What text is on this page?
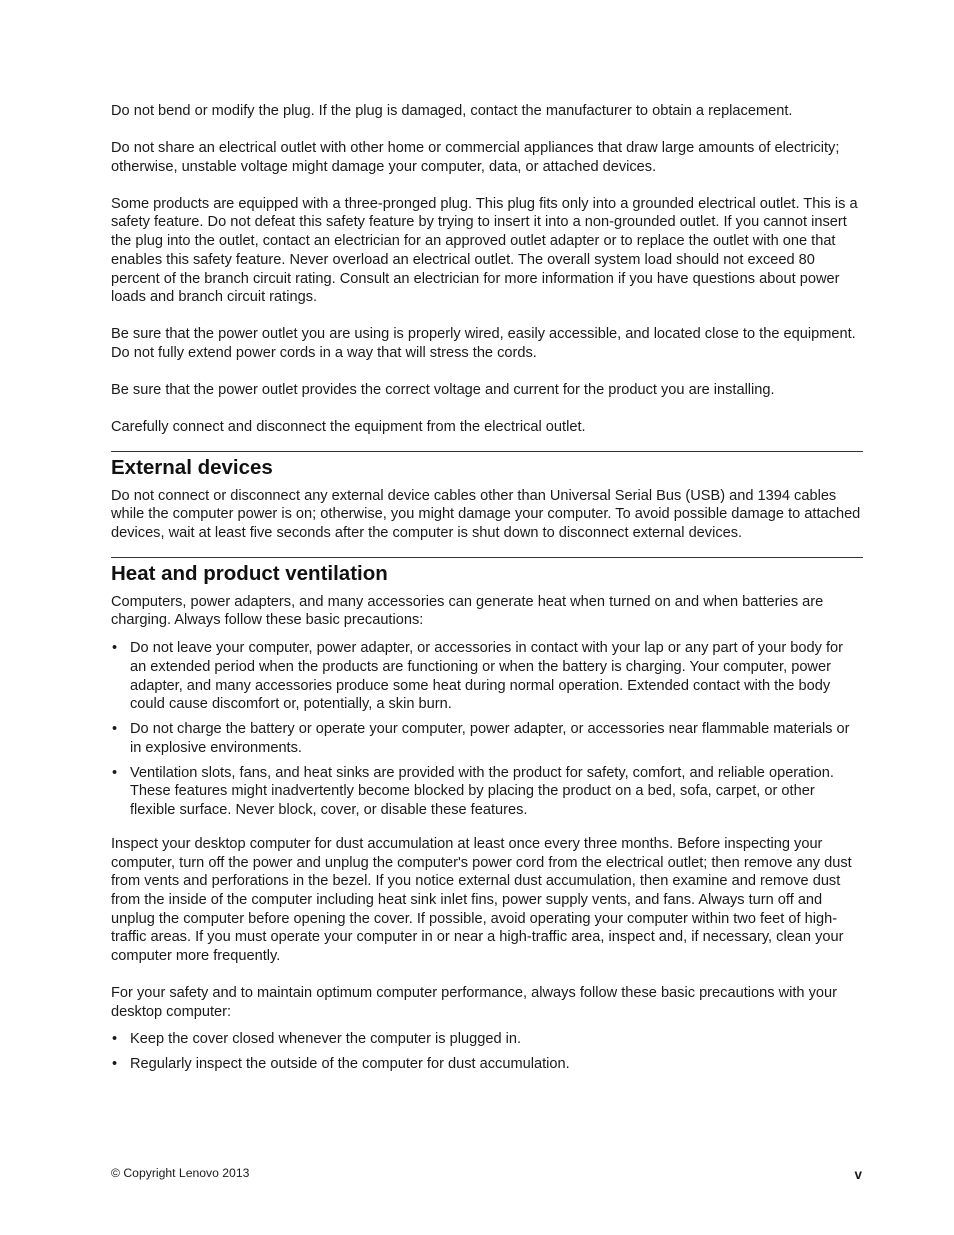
Do not bend or modify the plug. If the plug is damaged, contact the manufacturer to obtain a replacement.

Do not share an electrical outlet with other home or commercial appliances that draw large amounts of electricity; otherwise, unstable voltage might damage your computer, data, or attached devices.

Some products are equipped with a three-pronged plug. This plug fits only into a grounded electrical outlet. This is a safety feature. Do not defeat this safety feature by trying to insert it into a non-grounded outlet. If you cannot insert the plug into the outlet, contact an electrician for an approved outlet adapter or to replace the outlet with one that enables this safety feature. Never overload an electrical outlet. The overall system load should not exceed 80 percent of the branch circuit rating. Consult an electrician for more information if you have questions about power loads and branch circuit ratings.

Be sure that the power outlet you are using is properly wired, easily accessible, and located close to the equipment. Do not fully extend power cords in a way that will stress the cords.

Be sure that the power outlet provides the correct voltage and current for the product you are installing.

Carefully connect and disconnect the equipment from the electrical outlet.

External devices

Do not connect or disconnect any external device cables other than Universal Serial Bus (USB) and 1394 cables while the computer power is on; otherwise, you might damage your computer. To avoid possible damage to attached devices, wait at least five seconds after the computer is shut down to disconnect external devices.

Heat and product ventilation

Computers, power adapters, and many accessories can generate heat when turned on and when batteries are charging. Always follow these basic precautions:

• Do not leave your computer, power adapter, or accessories in contact with your lap or any part of your body for an extended period when the products are functioning or when the battery is charging. Your computer, power adapter, and many accessories produce some heat during normal operation. Extended contact with the body could cause discomfort or, potentially, a skin burn.
• Do not charge the battery or operate your computer, power adapter, or accessories near flammable materials or in explosive environments.
• Ventilation slots, fans, and heat sinks are provided with the product for safety, comfort, and reliable operation. These features might inadvertently become blocked by placing the product on a bed, sofa, carpet, or other flexible surface. Never block, cover, or disable these features.

Inspect your desktop computer for dust accumulation at least once every three months. Before inspecting your computer, turn off the power and unplug the computer's power cord from the electrical outlet; then remove any dust from vents and perforations in the bezel. If you notice external dust accumulation, then examine and remove dust from the inside of the computer including heat sink inlet fins, power supply vents, and fans. Always turn off and unplug the computer before opening the cover. If possible, avoid operating your computer within two feet of high-traffic areas. If you must operate your computer in or near a high-traffic area, inspect and, if necessary, clean your computer more frequently.

For your safety and to maintain optimum computer performance, always follow these basic precautions with your desktop computer:

• Keep the cover closed whenever the computer is plugged in.
• Regularly inspect the outside of the computer for dust accumulation.
© Copyright Lenovo 2013	v
